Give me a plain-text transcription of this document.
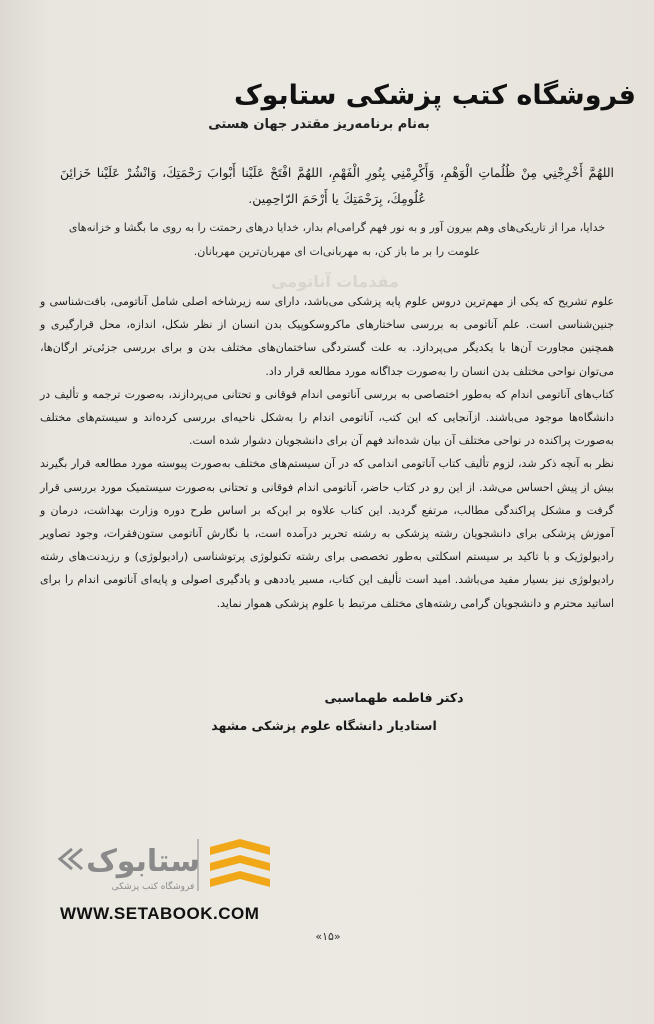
فروشگاه کتب پزشکی ستابوک
به‌نام برنامه‌ریز مقتدر جهان هستی
اللهُمَّ أَخْرِجْنِي مِنْ ظُلُماتِ الْوَهْمِ، وَأَكْرِمْنِي بِنُورِ الْفَهْمِ، اللهُمَّ افْتَحْ عَلَيْنا أَبْوابَ رَحْمَتِكَ، وَانْشُرْ عَلَيْنا خَزائِنَ عُلُومِكَ، بِرَحْمَتِكَ يا أَرْحَمَ الرّاحِمِين.
خدایا، مرا از تاریکی‌های وهم بیرون آور و به نور فهم گرامی‌ام بدار، خدایا درهای رحمتت را به روی ما بگشا و خزانه‌های
علومت را بر ما باز کن، به مهربانی‌ات ای مهربان‌ترین مهربانان.
مقدمات آناتومی

علوم تشریح که یکی از مهم‌ترین دروس علوم پایه پزشکی می‌باشد، دارای سه زیرشاخه اصلی شامل آناتومی، بافت‌شناسی و جنین‌شناسی است. علم آناتومی به بررسی ساختارهای ماکروسکوپیک بدن انسان از نظر شکل، اندازه، محل قرارگیری و همچنین مجاورت آن‌ها با یکدیگر می‌پردازد. به علت گستردگی ساختمان‌های مختلف بدن و برای بررسی جزئی‌تر ارگان‌ها، می‌توان نواحی مختلف بدن انسان را به‌صورت جداگانه مورد مطالعه قرار داد.

کتاب‌های آناتومی اندام که به‌طور اختصاصی به بررسی آناتومی اندام فوقانی و تحتانی می‌پردازند، به‌صورت ترجمه و تألیف در دانشگاه‌ها موجود می‌باشند. ازآنجایی که این کتب، آناتومی اندام را به‌شکل ناحیه‌ای بررسی کرده‌اند و سیستم‌های مختلف به‌صورت پراکنده در نواحی مختلف آن بیان شده‌اند فهم آن برای دانشجویان دشوار شده است.

نظر به آنچه ذکر شد، لزوم تألیف کتاب آناتومی اندامی که در آن سیستم‌های مختلف به‌صورت پیوسته مورد مطالعه قرار بگیرند بیش از پیش احساس می‌شد. از این رو در کتاب حاضر، آناتومی اندام فوقانی و تحتانی به‌صورت سیستمیک مورد بررسی قرار گرفت و مشکل پراکندگی مطالب، مرتفع گردید. این کتاب علاوه بر این‌که بر اساس طرح دوره وزارت بهداشت، درمان و آموزش پزشکی برای دانشجویان رشته پزشکی به رشته تحریر درآمده است، با نگارش آناتومی ستون‌فقرات، وجود تصاویر رادیولوژیک و با تاکید بر سیستم اسکلتی به‌طور تخصصی برای رشته تکنولوژی پرتوشناسی (رادیولوژی) و رزیدنت‌های رشته رادیولوژی نیز بسیار مفید می‌باشد. امید است تألیف این کتاب، مسیر یاددهی و یادگیری اصولی و پایه‌ای آناتومی اندام را برای اساتید محترم و دانشجویان گرامی رشته‌های مختلف مرتبط با علوم پزشکی هموار نماید.

دکتر فاطمه طهماسبی
استادیار دانشگاه علوم پزشکی مشهد
ستابوک
فروشگاه کتب پزشکی
WWW.SETABOOK.COM
«۱۵»
